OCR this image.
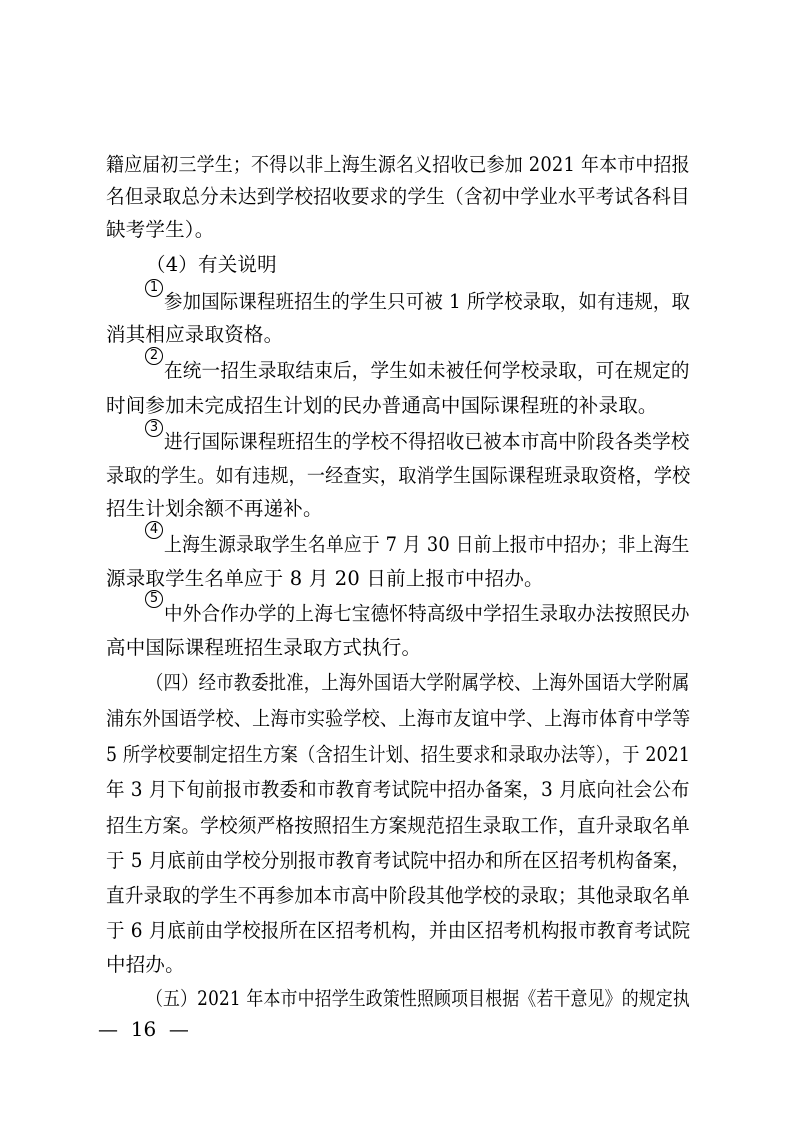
籍应届初三学生；不得以非上海生源名义招收已参加 2021 年本市中招报
名但录取总分未达到学校招收要求的学生（含初中学业水平考试各科目
缺考学生）。
（4）有关说明
1
参加国际课程班招生的学生只可被 1 所学校录取，如有违规，取
消其相应录取资格。
2
在统一招生录取结束后，学生如未被任何学校录取，可在规定的
时间参加未完成招生计划的民办普通高中国际课程班的补录取。
3
进行国际课程班招生的学校不得招收已被本市高中阶段各类学校
录取的学生。如有违规，一经查实，取消学生国际课程班录取资格，学校
招生计划余额不再递补。
4
上海生源录取学生名单应于 7 月 30 日前上报市中招办；非上海生
源录取学生名单应于 8 月 20 日前上报市中招办。
5
中外合作办学的上海七宝德怀特高级中学招生录取办法按照民办
高中国际课程班招生录取方式执行。
（四）经市教委批准，上海外国语大学附属学校、上海外国语大学附属
浦东外国语学校、上海市实验学校、上海市友谊中学、上海市体育中学等
5 所学校要制定招生方案（含招生计划、招生要求和录取办法等），于 2021
年 3 月下旬前报市教委和市教育考试院中招办备案，3 月底向社会公布
招生方案。学校须严格按照招生方案规范招生录取工作，直升录取名单
于 5 月底前由学校分别报市教育考试院中招办和所在区招考机构备案，
直升录取的学生不再参加本市高中阶段其他学校的录取；其他录取名单
于 6 月底前由学校报所在区招考机构，并由区招考机构报市教育考试院
中招办。
（五）2021 年本市中招学生政策性照顾项目根据《若干意见》的规定执
—  16  —
